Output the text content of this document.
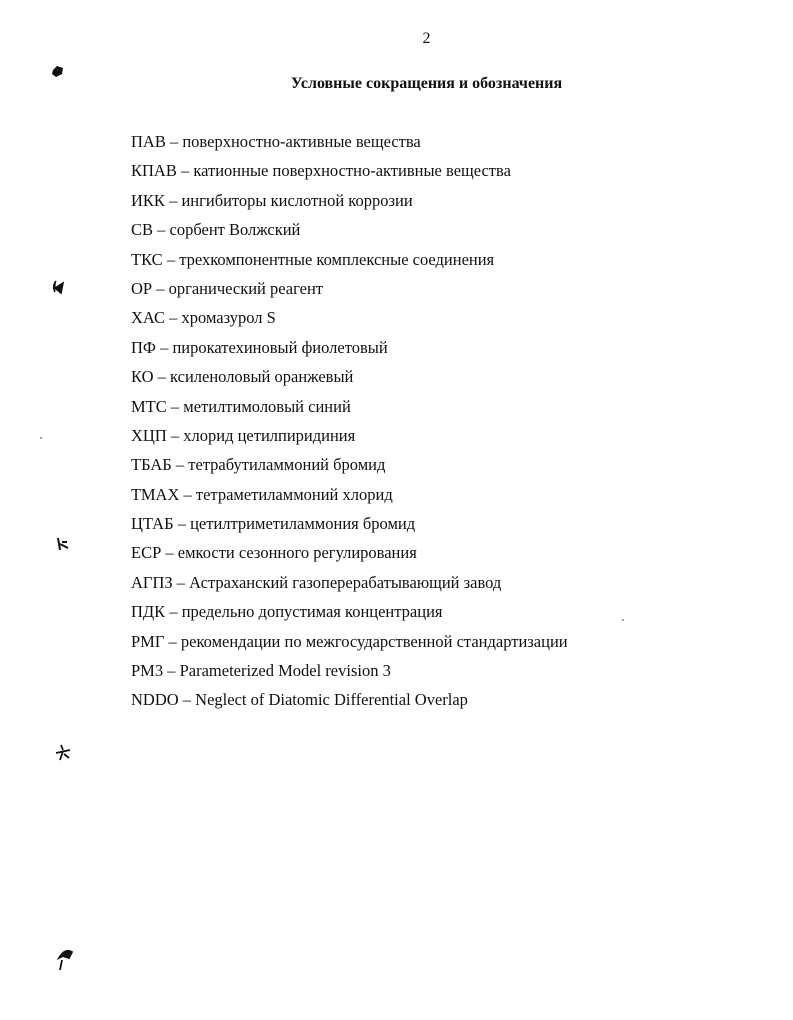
2
Условные сокращения и обозначения
ПАВ – поверхностно-активные вещества
КПАВ – катионные поверхностно-активные вещества
ИКК – ингибиторы кислотной коррозии
СВ – сорбент Волжский
ТКС – трехкомпонентные комплексные соединения
ОР – органический реагент
ХАС – хромазурол S
ПФ – пирокатехиновый фиолетовый
КО – ксиленоловый оранжевый
МТС – метилтимоловый синий
ХЦП – хлорид цетилпиридиния
ТБАБ – тетрабутиламмоний бромид
ТМАХ – тетраметиламмоний хлорид
ЦТАБ – цетилтриметиламмония бромид
ЕСР – емкости сезонного регулирования
АГПЗ – Астраханский газоперерабатывающий завод
ПДК – предельно допустимая концентрация
РМГ – рекомендации по межгосударственной стандартизации
PM3 – Parameterized Model revision 3
NDDO – Neglect of Diatomic Differential Overlap
